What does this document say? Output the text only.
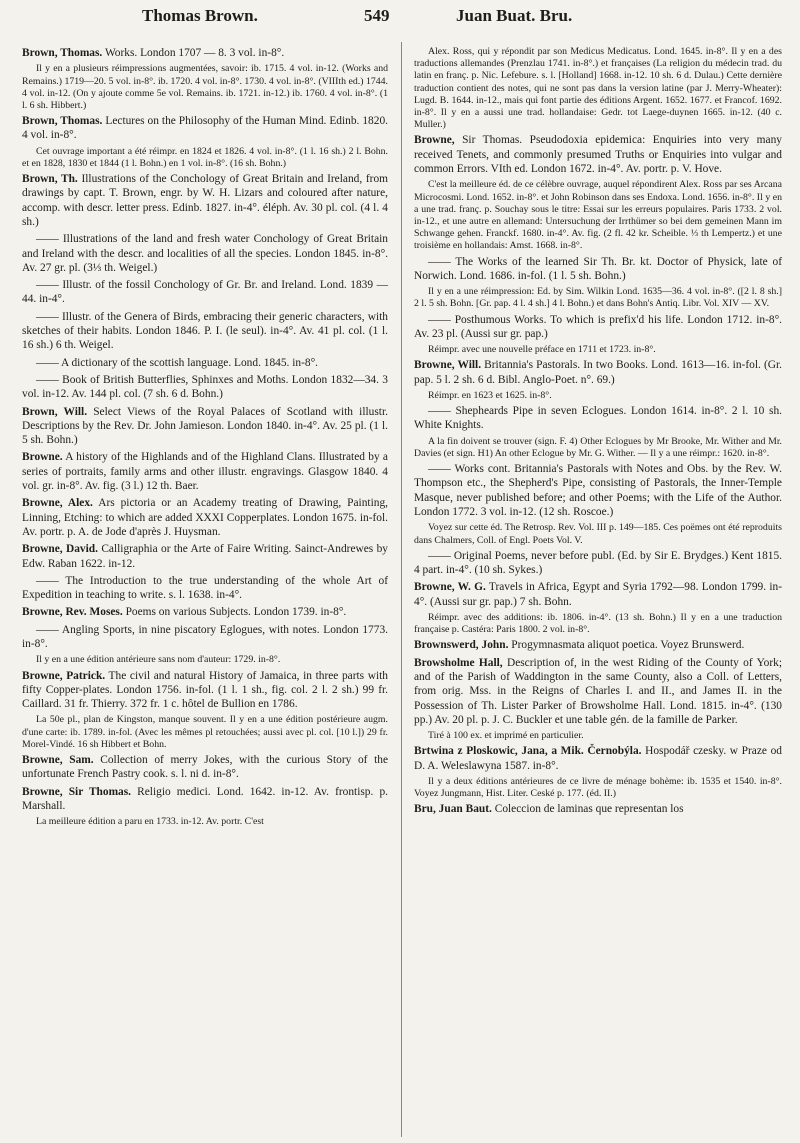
Thomas Brown.	549	Juan Buat. Bru.

Brown, Thomas. Works. London 1707 — 8. 3 vol. in-8°.

Il y en a plusieurs réimpressions augmentées, savoir: ib. 1715. 4 vol. in-12. (Works and Remains.) 1719—20. 5 vol. in-8°. ib. 1720. 4 vol. in-8°. 1730. 4 vol. in-8°. (VIIIth ed.) 1744. 4 vol. in-12. (On y ajoute comme 5e vol. Remains. ib. 1721. in-12.) ib. 1760. 4 vol. in-8°. (1 l. 6 sh. Hibbert.)

Brown, Thomas. Lectures on the Philosophy of the Human Mind. Edinb. 1820. 4 vol. in-8°.

Cet ouvrage important a été réimpr. en 1824 et 1826. 4 vol. in-8°. (1 l. 16 sh.) 2 l. Bohn. et en 1828, 1830 et 1844 (1 l. Bohn.) en 1 vol. in-8°. (16 sh. Bohn.)

Brown, Th. Illustrations of the Conchology of Great Britain and Ireland, from drawings by capt. T. Brown, engr. by W. H. Lizars and coloured after nature, accomp. with descr. letter press. Edinb. 1827. in-4°. éléph. Av. 30 pl. col. (4 l. 4 sh.)

—— Illustrations of the land and fresh water Conchology of Great Britain and Ireland with the descr. and localities of all the species. London 1845. in-8°. Av. 27 gr. pl. (3⅓ th. Weigel.)

—— Illustr. of the fossil Conchology of Gr. Br. and Ireland. Lond. 1839 — 44. in-4°.

—— Illustr. of the Genera of Birds, embracing their generic characters, with sketches of their habits. London 1846. P. I. (le seul). in-4°. Av. 41 pl. col. (1 l. 16 sh.) 6 th. Weigel.

—— A dictionary of the scottish language. Lond. 1845. in-8°.

—— Book of British Butterflies, Sphinxes and Moths. London 1832—34. 3 vol. in-12. Av. 144 pl. col. (7 sh. 6 d. Bohn.)

Brown, Will. Select Views of the Royal Palaces of Scotland with illustr. Descriptions by the Rev. Dr. John Jamieson. London 1840. in-4°. Av. 25 pl. (1 l. 5 sh. Bohn.)

Browne. A history of the Highlands and of the Highland Clans. Illustrated by a series of portraits, family arms and other illustr. engravings. Glasgow 1840. 4 vol. gr. in-8°. Av. fig. (3 l.) 12 th. Baer.

Browne, Alex. Ars pictoria or an Academy treating of Drawing, Painting, Linning, Etching: to which are added XXXI Copperplates. London 1675. in-fol. Av. portr. p. A. de Jode d'après J. Huysman.

Browne, David. Calligraphia or the Arte of Faire Writing. Sainct-Andrewes by Edw. Raban 1622. in-12.

—— The Introduction to the true understanding of the whole Art of Expedition in teaching to write. s. l. 1638. in-4°.

Browne, Rev. Moses. Poems on various Subjects. London 1739. in-8°.

—— Angling Sports, in nine piscatory Eglogues, with notes. London 1773. in-8°.

Il y en a une édition antérieure sans nom d'auteur: 1729. in-8°.

Browne, Patrick. The civil and natural History of Jamaica, in three parts with fifty Copper-plates. London 1756. in-fol. (1 l. 1 sh., fig. col. 2 l. 2 sh.) 99 fr. Caillard. 31 fr. Thierry. 372 fr. 1 c. hôtel de Bullion en 1786.

La 50e pl., plan de Kingston, manque souvent. Il y en a une édition postérieure augm. d'une carte: ib. 1789. in-fol. (Avec les mêmes pl retouchées; aussi avec pl. col. [10 l.]) 29 fr. Morel-Vindé. 16 sh Hibbert et Bohn.

Browne, Sam. Collection of merry Jokes, with the curious Story of the unfortunate French Pastry cook. s. l. ni d. in-8°.

Browne, Sir Thomas. Religio medici. Lond. 1642. in-12. Av. frontisp. p. Marshall.

La meilleure édition a paru en 1733. in-12. Av. portr. C'est

Alex. Ross, qui y répondit par son Medicus Medicatus. Lond. 1645. in-8°. Il y en a des traductions allemandes (Prenzlau 1741. in-8°.) et françaises (La religion du médecin trad. du latin en franç. p. Nic. Lefebure. s. l. [Holland] 1668. in-12. 10 sh. 6 d. Dulau.) Cette dernière traduction contient des notes, qui ne sont pas dans la version latine (par J. Merry-Wheater): Lugd. B. 1644. in-12., mais qui font partie des éditions Argent. 1652. 1677. et Francof. 1692. in-8°. Il y en a aussi une trad. hollandaise: Gedr. tot Laege-duynen 1665. in-12. (40 c. Muller.)

Browne, Sir Thomas. Pseudodoxia epidemica: Enquiries into very many received Tenets, and commonly presumed Truths or Enquiries into vulgar and common Errors. VIth ed. London 1672. in-4°. Av. portr. p. V. Hove.

C'est la meilleure éd. de ce célèbre ouvrage, auquel répondirent Alex. Ross par ses Arcana Microcosmi. Lond. 1652. in-8°. et John Robinson dans ses Endoxa. Lond. 1656. in-8°. Il y en a une trad. franç. p. Souchay sous le titre: Essai sur les erreurs populaires. Paris 1733. 2 vol. in-12., et une autre en allemand: Untersuchung der Irrthümer so bei dem gemeinen Mann im Schwange gehen. Franckf. 1680. in-4°. Av. fig. (2 fl. 42 kr. Scheible. ⅓ th Lempertz.) et une troisième en hollandais: Amst. 1668. in-8°.

—— The Works of the learned Sir Th. Br. kt. Doctor of Physick, late of Norwich. Lond. 1686. in-fol. (1 l. 5 sh. Bohn.)

Il y en a une réimpression: Ed. by Sim. Wilkin Lond. 1635—36. 4 vol. in-8°. ([2 l. 8 sh.] 2 l. 5 sh. Bohn. [Gr. pap. 4 l. 4 sh.] 4 l. Bohn.) et dans Bohn's Antiq. Libr. Vol. XIV — XV.

—— Posthumous Works. To which is prefix'd his life. London 1712. in-8°. Av. 23 pl. (Aussi sur gr. pap.)

Réimpr. avec une nouvelle préface en 1711 et 1723. in-8°.

Browne, Will. Britannia's Pastorals. In two Books. Lond. 1613—16. in-fol. (Gr. pap. 5 l. 2 sh. 6 d. Bibl. Anglo-Poet. n°. 69.)

Réimpr. en 1623 et 1625. in-8°.

—— Shepheards Pipe in seven Eclogues. London 1614. in-8°. 2 l. 10 sh. White Knights.

A la fin doivent se trouver (sign. F. 4) Other Eclogues by Mr Brooke, Mr. Wither and Mr. Davies (et sign. H1) An other Eclogue by Mr. G. Wither. — Il y a une réimpr.: 1620. in-8°.

—— Works cont. Britannia's Pastorals with Notes and Obs. by the Rev. W. Thompson etc., the Shepherd's Pipe, consisting of Pastorals, the Inner-Temple Masque, never published before; and other Poems; with the Life of the Author. London 1772. 3 vol. in-12. (12 sh. Roscoe.)

Voyez sur cette éd. The Retrosp. Rev. Vol. III p. 149—185. Ces poëmes ont été reproduits dans Chalmers, Coll. of Engl. Poets Vol. V.

—— Original Poems, never before publ. (Ed. by Sir E. Brydges.) Kent 1815. 4 part. in-4°. (10 sh. Sykes.)

Browne, W. G. Travels in Africa, Egypt and Syria 1792—98. London 1799. in-4°. (Aussi sur gr. pap.) 7 sh. Bohn.

Réimpr. avec des additions: ib. 1806. in-4°. (13 sh. Bohn.) Il y en a une traduction française p. Castéra: Paris 1800. 2 vol. in-8°.

Brownswerd, John. Progymnasmata aliquot poetica. Voyez Brunswerd.

Browsholme Hall, Description of, in the west Riding of the County of York; and of the Parish of Waddington in the same County, also a Coll. of Letters, from orig. Mss. in the Reigns of Charles I. and II., and James II. in the Possession of Th. Lister Parker of Browsholme Hall. Lond. 1815. in-4°. (130 pp.) Av. 20 pl. p. J. C. Buckler et une table gén. de la famille de Parker.

Tiré à 100 ex. et imprimé en particulier.

Brtwina z Ploskowic, Jana, a Mik. Černobýla. Hospodář czesky. w Praze od D. A. Weleslawyna 1587. in-8°.

Il y a deux éditions antérieures de ce livre de ménage bohème: ib. 1535 et 1540. in-8°. Voyez Jungmann, Hist. Liter. Ceské p. 177. (éd. II.)

Bru, Juan Baut. Coleccion de laminas que representan los
